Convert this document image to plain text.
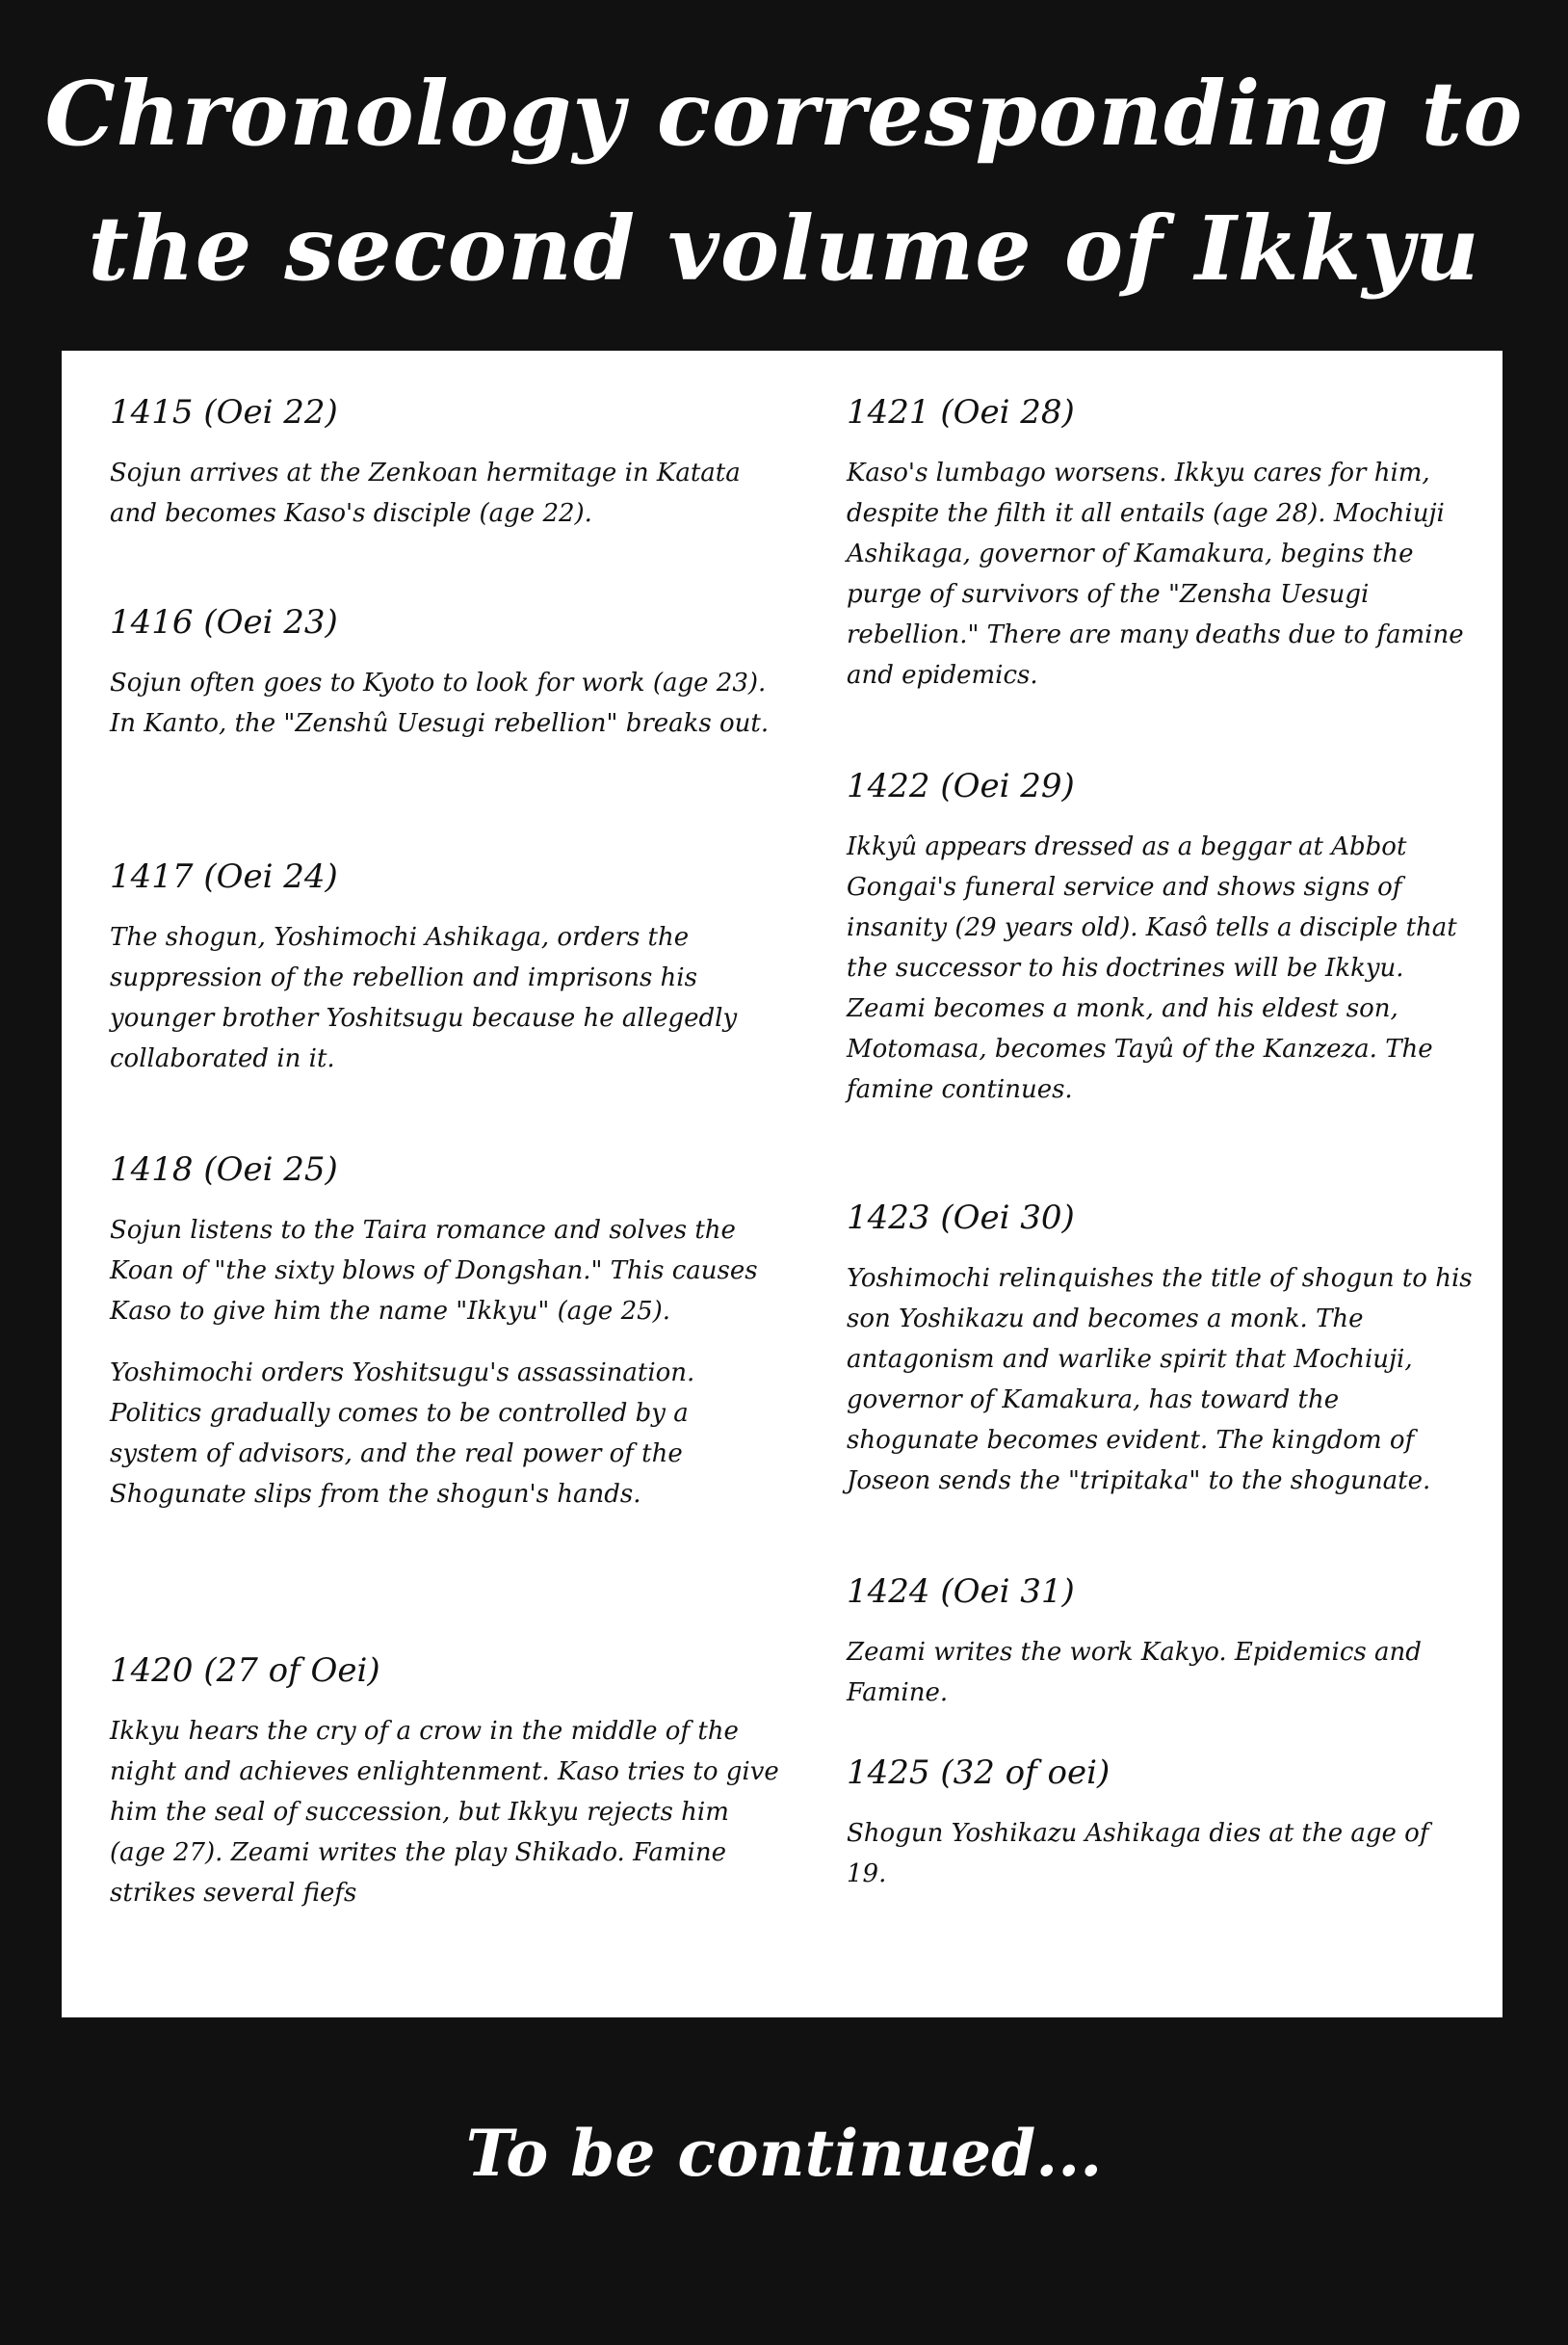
Chronology corresponding to
the second volume of Ikkyu
1415 (Oei 22)

Sojun arrives at the Zenkoan hermitage in Katata and becomes Kaso's disciple (age 22).

1416 (Oei 23)

Sojun often goes to Kyoto to look for work (age 23). In Kanto, the "Zenshû Uesugi rebellion" breaks out.

1417 (Oei 24)

The shogun, Yoshimochi Ashikaga, orders the suppression of the rebellion and imprisons his younger brother Yoshitsugu because he allegedly collaborated in it.

1418 (Oei 25)

Sojun listens to the Taira romance and solves the Koan of "the sixty blows of Dongshan." This causes Kaso to give him the name "Ikkyu" (age 25).

Yoshimochi orders Yoshitsugu's assassination. Politics gradually comes to be controlled by a system of advisors, and the real power of the Shogunate slips from the shogun's hands.

1420 (27 of Oei)

Ikkyu hears the cry of a crow in the middle of the night and achieves enlightenment. Kaso tries to give him the seal of succession, but Ikkyu rejects him (age 27). Zeami writes the play Shikado. Famine strikes several fiefs

1421 (Oei 28)

Kaso's lumbago worsens. Ikkyu cares for him, despite the filth it all entails (age 28). Mochiuji Ashikaga, governor of Kamakura, begins the purge of survivors of the "Zensha Uesugi rebellion." There are many deaths due to famine and epidemics.

1422 (Oei 29)

Ikkyû appears dressed as a beggar at Abbot Gongai's funeral service and shows signs of insanity (29 years old). Kasô tells a disciple that the successor to his doctrines will be Ikkyu. Zeami becomes a monk, and his eldest son, Motomasa, becomes Tayû of the Kanzeza. The famine continues.

1423 (Oei 30)

Yoshimochi relinquishes the title of shogun to his son Yoshikazu and becomes a monk. The antagonism and warlike spirit that Mochiuji, governor of Kamakura, has toward the shogunate becomes evident. The kingdom of Joseon sends the "tripitaka" to the shogunate.

1424 (Oei 31)

Zeami writes the work Kakyo. Epidemics and Famine.

1425 (32 of oei)

Shogun Yoshikazu Ashikaga dies at the age of 19.

To be continued...
